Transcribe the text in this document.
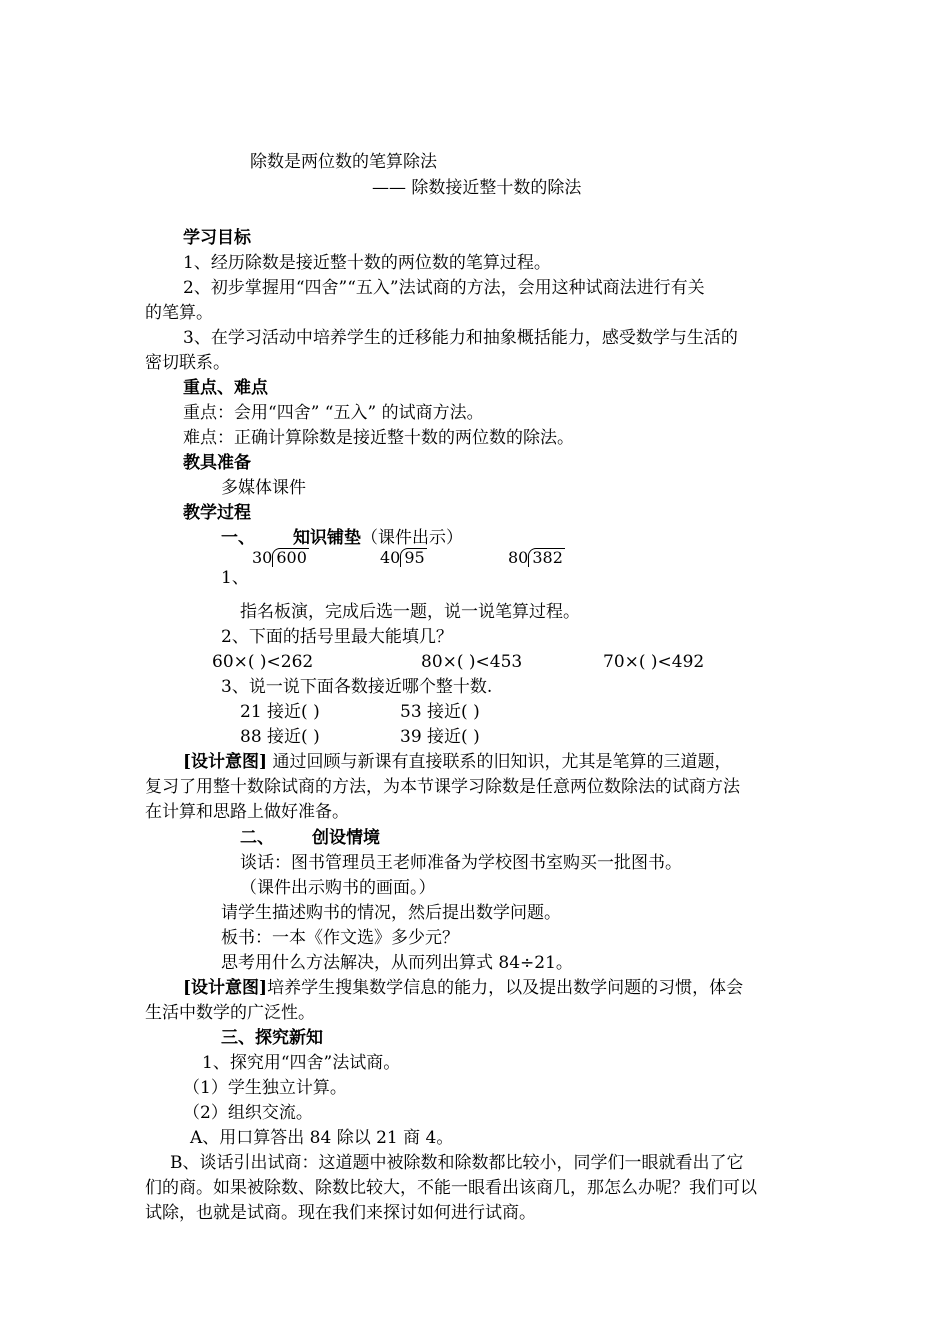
除数是两位数的笔算除法
—— 除数接近整十数的除法
学习目标
1、经历除数是接近整十数的两位数的笔算过程。
2、初步掌握用“四舍”“五入”法试商的方法，会用这种试商法进行有关
的笔算。
3、在学习活动中培养学生的迁移能力和抽象概括能力，感受数学与生活的
密切联系。
重点、难点
重点：会用“四舍” “五入” 的试商方法。
难点：正确计算除数是接近整十数的两位数的除法。
教具准备
多媒体课件
教学过程
一、 知识铺垫（课件出示）
1、
30 600	40 95	80 382
指名板演，完成后选一题，说一说笔算过程。
2、下面的括号里最大能填几？
60×( )<262	80×( )<453	70×( )<492
3、说一说下面各数接近哪个整十数.
21 接近( )	53 接近( )
88 接近( )	39 接近( )
[设计意图] 通过回顾与新课有直接联系的旧知识，尤其是笔算的三道题，
复习了用整十数除试商的方法，为本节课学习除数是任意两位数除法的试商方法
在计算和思路上做好准备。
二、 创设情境
谈话：图书管理员王老师准备为学校图书室购买一批图书。
（课件出示购书的画面。）
请学生描述购书的情况，然后提出数学问题。
板书：一本《作文选》多少元？
思考用什么方法解决，从而列出算式 84÷21。
[设计意图]培养学生搜集数学信息的能力，以及提出数学问题的习惯，体会
生活中数学的广泛性。
三、探究新知
1、探究用“四舍”法试商。
（1）学生独立计算。
（2）组织交流。
A、用口算答出 84 除以 21 商 4。
B、谈话引出试商：这道题中被除数和除数都比较小，同学们一眼就看出了它
们的商。如果被除数、除数比较大，不能一眼看出该商几，那怎么办呢？我们可以
试除，也就是试商。现在我们来探讨如何进行试商。
